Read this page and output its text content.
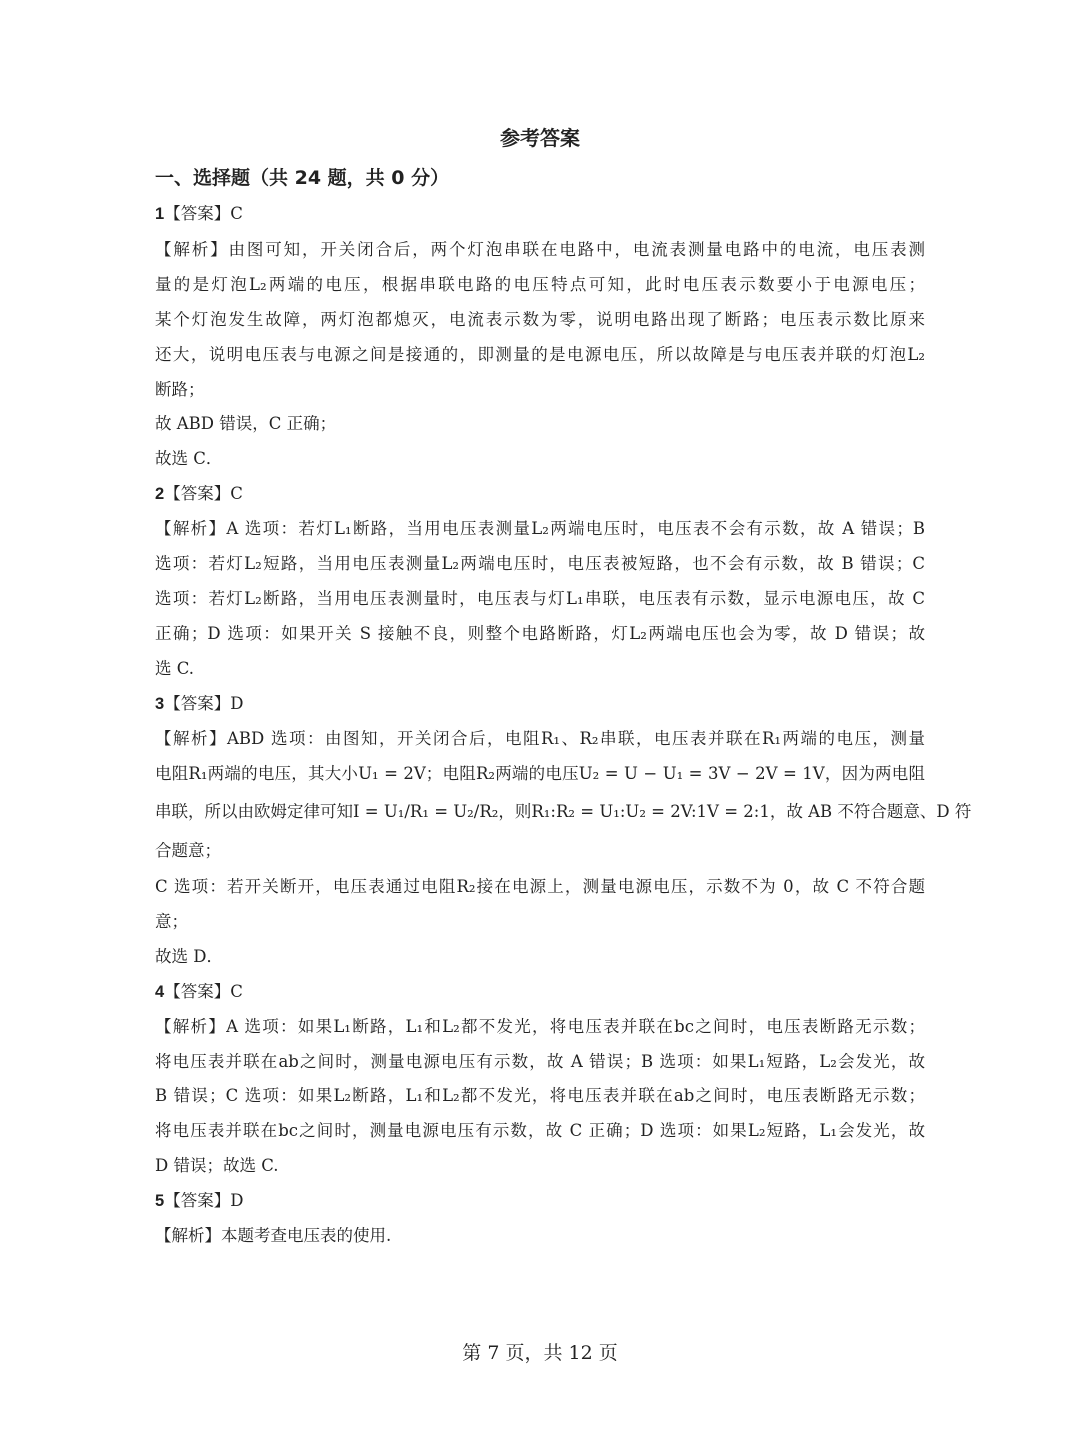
参考答案
一、选择题（共 24 题，共 0 分）
1【答案】C
【解析】由图可知，开关闭合后，两个灯泡串联在电路中，电流表测量电路中的电流，电压表测
量的是灯泡L₂两端的电压，根据串联电路的电压特点可知，此时电压表示数要小于电源电压；
某个灯泡发生故障，两灯泡都熄灭，电流表示数为零，说明电路出现了断路；电压表示数比原来
还大，说明电压表与电源之间是接通的，即测量的是电源电压，所以故障是与电压表并联的灯泡L₂
断路；
故 ABD 错误，C 正确；
故选 C．
2【答案】C
【解析】A 选项：若灯L₁断路，当用电压表测量L₂两端电压时，电压表不会有示数，故 A 错误；B
选项：若灯L₂短路，当用电压表测量L₂两端电压时，电压表被短路，也不会有示数，故 B 错误；C
选项：若灯L₂断路，当用电压表测量时，电压表与灯L₁串联，电压表有示数，显示电源电压，故 C
正确；D 选项：如果开关 S 接触不良，则整个电路断路，灯L₂两端电压也会为零，故 D 错误；故
选 C.
3【答案】D
【解析】ABD 选项：由图知，开关闭合后，电阻R₁、R₂串联，电压表并联在R₁两端的电压，测量
电阻R₁两端的电压，其大小U₁ = 2V；电阻R₂两端的电压U₂ = U − U₁ = 3V − 2V = 1V，因为两电阻
串联，所以由欧姆定律可知I = U₁/R₁ = U₂/R₂，则R₁:R₂ = U₁:U₂ = 2V:1V = 2:1，故 AB 不符合题意、D 符
合题意；
C 选项：若开关断开，电压表通过电阻R₂接在电源上，测量电源电压，示数不为 0，故 C 不符合题
意；
故选 D．
4【答案】C
【解析】A 选项：如果L₁断路，L₁和L₂都不发光，将电压表并联在bc之间时，电压表断路无示数；
将电压表并联在ab之间时，测量电源电压有示数，故 A 错误；B 选项：如果L₁短路，L₂会发光，故
B 错误；C 选项：如果L₂断路，L₁和L₂都不发光，将电压表并联在ab之间时，电压表断路无示数；
将电压表并联在bc之间时，测量电源电压有示数，故 C 正确；D 选项：如果L₂短路，L₁会发光，故
D 错误；故选 C.
5【答案】D
【解析】本题考查电压表的使用.
第 7 页，共 12 页
